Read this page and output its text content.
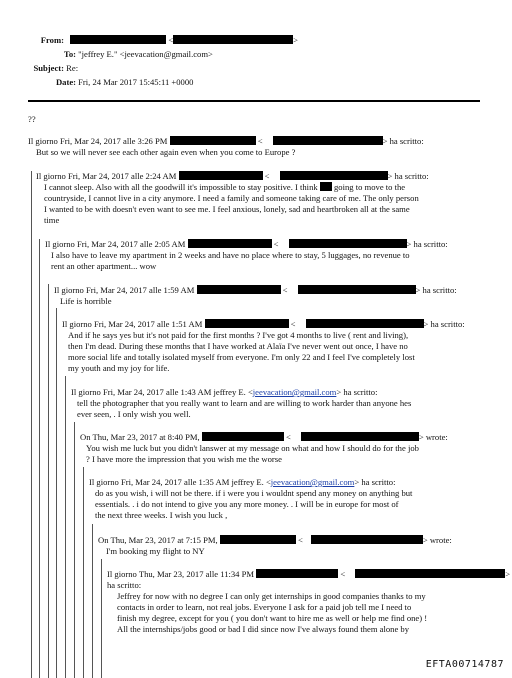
From:	<	>
To: "jeffrey E." <jeevacation@gmail.com>
Subject: Re:
Date: Fri, 24 Mar 2017 15:45:11 +0000
??

Il giorno Fri, Mar 24, 2017 alle 3:26 PM	<	> ha scritto:

But so we will never see each other again even when you come to Europe ?

Il giorno Fri, Mar 24, 2017 alle 2:24 AM	<	> ha scritto:

I cannot sleep. Also with all the goodwill it's impossible to stay positive. I think going to move to the

countryside, I cannot live in a city anymore. I need a family and someone taking care of me. The only person

I wanted to be with doesn't even want to see me. I feel anxious, lonely, sad and heartbroken all at the same

time

Il giorno Fri, Mar 24, 2017 alle 2:05 AM	<	> ha scritto:

I also have to leave my apartment in 2 weeks and have no place where to stay, 5 luggages, no revenue to

rent an other apartment... wow

Il giorno Fri, Mar 24, 2017 alle 1:59 AM	<	> ha scritto:

Life is horrible

Il giorno Fri, Mar 24, 2017 alle 1:51 AM	<	> ha scritto:

And if he says yes but it's not paid for the first months ? I've got 4 months to live ( rent and living),

then I'm dead. During these months that I have worked at Alaïa I've never went out once, I have no

more social life and totally isolated myself from everyone. I'm only 22 and I feel I've completely lost

my youth and my joy for life.

Il giorno Fri, Mar 24, 2017 alle 1:43 AM jeffrey E. <jeevacation@gmail.com> ha scritto:

tell the photographer that you really want to learn and are willing to work harder than anyone hes

ever seen, . I only wish you well.

On Thu, Mar 23, 2017 at 8:40 PM,	<	> wrote:

You wish me luck but you didn't lanswer at my message on what and how I should do for the job

? I have more the impression that you wish me the worse

Il giorno Fri, Mar 24, 2017 alle 1:35 AM jeffrey E. <jeevacation@gmail.com> ha scritto:

do as you wish, i will not be there. if i were you i wouldnt spend any money on anything but

essentials. . i do not intend to give you any more money. . I will be in europe for most of

the next three weeks. I wish you luck ,

On Thu, Mar 23, 2017 at 7:15 PM,	<	> wrote:

I'm booking my flight to NY

Il giorno Thu, Mar 23, 2017 alle 11:34 PM	<	>

ha scritto:

Jeffrey for now with no degree I can only get internships in good companies thanks to my

contacts in order to learn, not real jobs. Everyone I ask for a paid job tell me I need to

finish my degree, except for you ( you don't want to hire me as well or help me find one) !

All the internships/jobs good or bad I did since now I've always found them alone by

EFTA00714787
